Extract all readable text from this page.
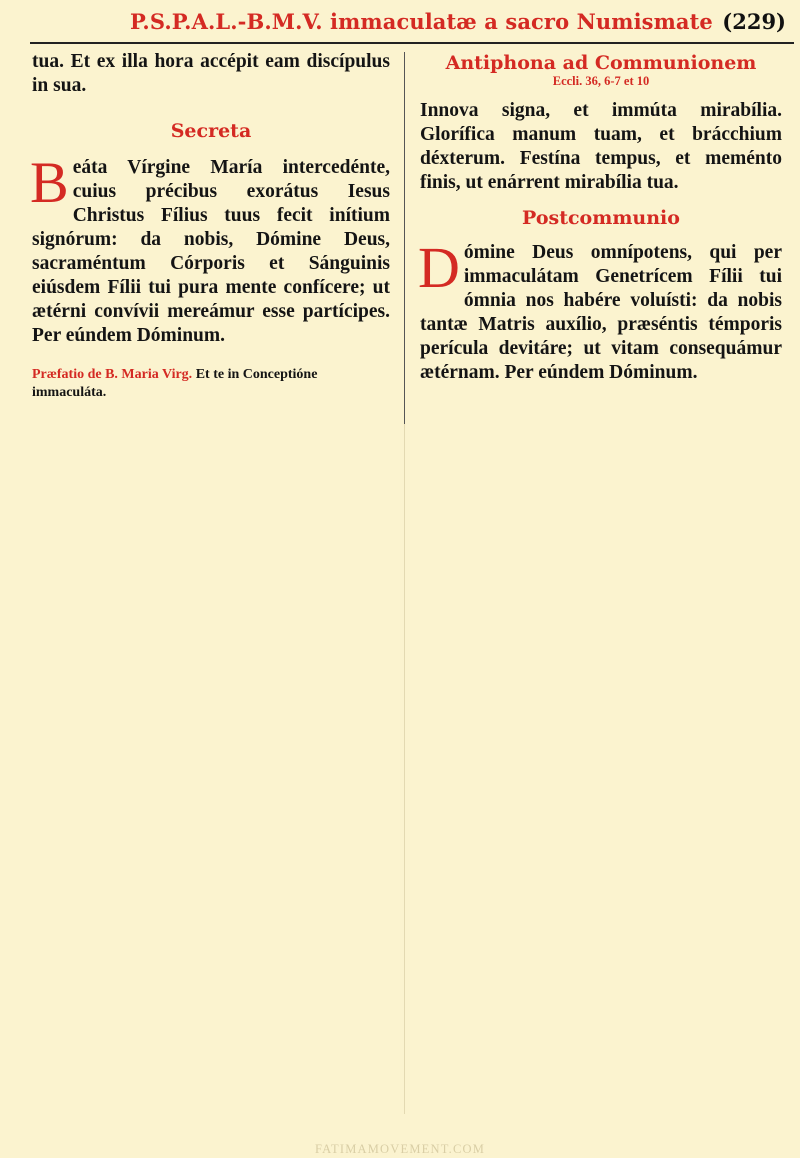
P.S.P.A.L.-B.M.V. immaculatæ a sacro Numismate (229)

tua. Et ex illa hora accépit eam discípulus in sua.

Secreta
B eáta Vírgine María intercedénte, cuius précibus exorátus Iesus Christus Fílius tuus fecit inítium signórum: da nobis, Dómine Deus, sacraméntum Córporis et Sánguinis eiúsdem Fílii tui pura mente confícere; ut ætérni convívii mereámur esse partícipes. Per eúndem Dóminum.

Præfatio de B. Maria Virg. Et te in Conceptióne immaculáta.

Antiphona ad Communionem

Eccli. 36, 6-7 et 10

Innova signa, et immúta mirabília. Gloríficа manum tuam, et brácchium déxterum. Festína tempus, et meménto finis, ut enárrent mirabília tua.

Postcommunio
D ómine Deus omnípotens, qui per immaculátam Genetrícem Fílii tui ómnia nos habére voluísti: da nobis tantæ Matris auxílio, præséntis témporis perícula devitáre; ut vitam consequámur ætérnam. Per eúndem Dóminum.

FATIMAMOVEMENT.COM
